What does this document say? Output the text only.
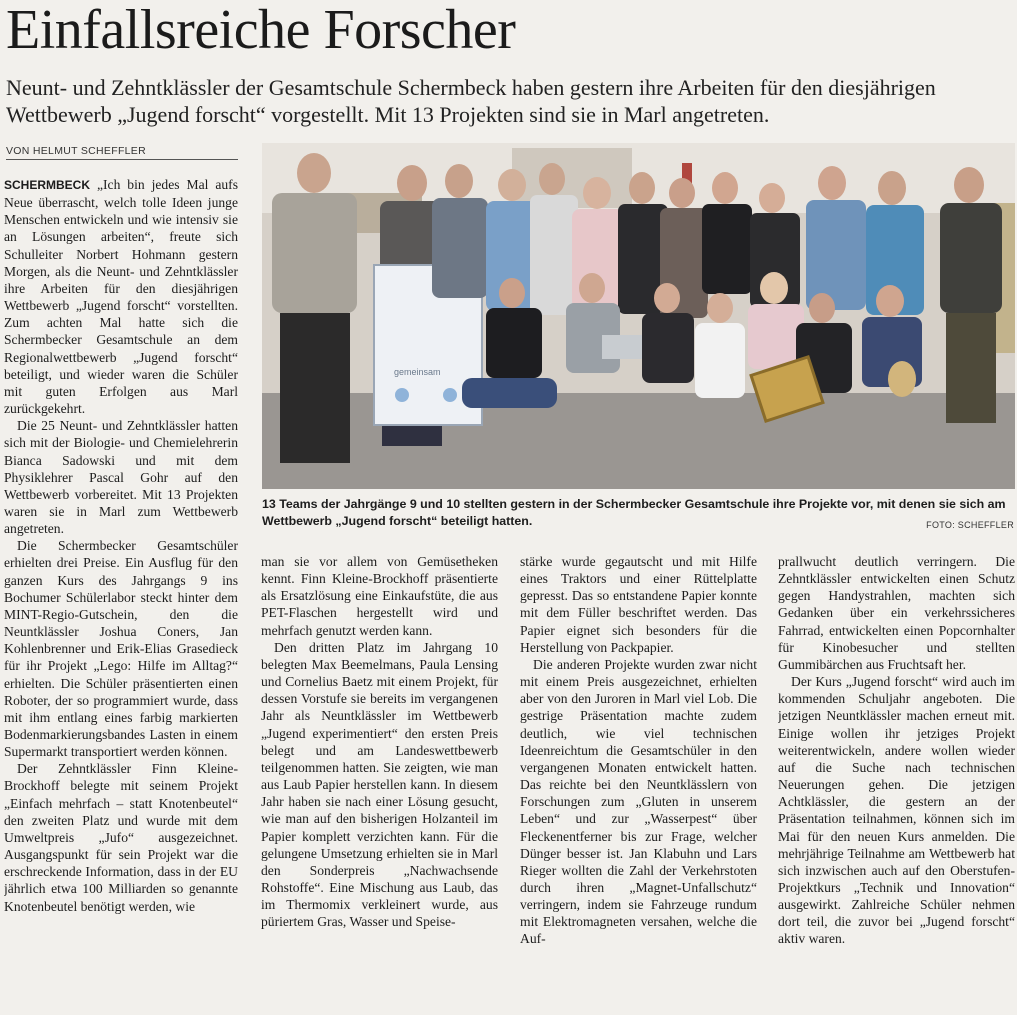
Einfallsreiche Forscher
Neunt- und Zehntklässler der Gesamtschule Schermbeck haben gestern ihre Arbeiten für den diesjährigen Wettbewerb „Jugend forscht“ vorgestellt. Mit 13 Projekten sind sie in Marl angetreten.
VON HELMUT SCHEFFLER

SCHERMBECK „Ich bin jedes Mal aufs Neue überrascht, welch tolle Ideen junge Menschen entwickeln und wie intensiv sie an Lösungen arbeiten“, freute sich Schulleiter Norbert Hohmann gestern Morgen, als die Neunt- und Zehntklässler ihre Arbeiten für den diesjährigen Wettbewerb „Jugend forscht“ vorstellten. Zum achten Mal hatte sich die Schermbecker Gesamtschule an dem Regionalwettbewerb „Jugend forscht“ beteiligt, und wieder waren die Schüler mit guten Erfolgen aus Marl zurückgekehrt.

Die 25 Neunt- und Zehntklässler hatten sich mit der Biologie- und Chemielehrerin Bianca Sadowski und mit dem Physiklehrer Pascal Gohr auf den Wettbewerb vorbereitet. Mit 13 Projekten waren sie in Marl zum Wettbewerb angetreten.

Die Schermbecker Gesamtschüler erhielten drei Preise. Ein Ausflug für den ganzen Kurs des Jahrgangs 9 ins Bochumer Schülerlabor steckt hinter dem MINT-Regio-Gutschein, den die Neuntklässler Joshua Coners, Jan Kohlenbrenner und Erik-Elias Grasedieck für ihr Projekt „Lego: Hilfe im Alltag?“ erhielten. Die Schüler präsentierten einen Roboter, der so programmiert wurde, dass mit ihm entlang eines farbig markierten Bodenmarkierungsbandes Lasten in einem Supermarkt transportiert werden können.

Der Zehntklässler Finn Kleine-Brockhoff belegte mit seinem Projekt „Einfach mehrfach – statt Knotenbeutel“ den zweiten Platz und wurde mit dem Umweltpreis „Jufo“ ausgezeichnet. Ausgangspunkt für sein Projekt war die erschreckende Information, dass in der EU jährlich etwa 100 Milliarden so genannte Knotenbeutel benötigt werden, wie

gemeinsam
13 Teams der Jahrgänge 9 und 10 stellten gestern in der Schermbecker Gesamtschule ihre Projekte vor, mit denen sie sich am Wettbewerb „Jugend forscht“ beteiligt hatten.	FOTO: SCHEFFLER

man sie vor allem von Gemüsetheken kennt. Finn Kleine-Brockhoff präsentierte als Ersatzlösung eine Einkaufstüte, die aus PET-Flaschen hergestellt wird und mehrfach genutzt werden kann.

Den dritten Platz im Jahrgang 10 belegten Max Beemelmans, Paula Lensing und Cornelius Baetz mit einem Projekt, für dessen Vorstufe sie bereits im vergangenen Jahr als Neuntklässler im Wettbewerb „Jugend experimentiert“ den ersten Preis belegt und am Landeswettbewerb teilgenommen hatten. Sie zeigten, wie man aus Laub Papier herstellen kann. In diesem Jahr haben sie nach einer Lösung gesucht, wie man auf den bisherigen Holzanteil im Papier komplett verzichten kann. Für die gelungene Umsetzung erhielten sie in Marl den Sonderpreis „Nachwachsende Rohstoffe“. Eine Mischung aus Laub, das im Thermomix verkleinert wurde, aus püriertem Gras, Wasser und Speise-

stärke wurde gegautscht und mit Hilfe eines Traktors und einer Rüttelplatte gepresst. Das so entstandene Papier konnte mit dem Füller beschriftet werden. Das Papier eignet sich besonders für die Herstellung von Packpapier.

Die anderen Projekte wurden zwar nicht mit einem Preis ausgezeichnet, erhielten aber von den Juroren in Marl viel Lob. Die gestrige Präsentation machte zudem deutlich, wie viel technischen Ideenreichtum die Gesamtschüler in den vergangenen Monaten entwickelt hatten. Das reichte bei den Neuntklässlern von Forschungen zum „Gluten in unserem Leben“ und zur „Wasserpest“ über Fleckenentferner bis zur Frage, welcher Dünger besser ist. Jan Klabuhn und Lars Rieger wollten die Zahl der Verkehrstoten durch ihren „Magnet-Unfallschutz“ verringern, indem sie Fahrzeuge rundum mit Elektromagneten versahen, welche die Auf-

prallwucht deutlich verringern. Die Zehntklässler entwickelten einen Schutz gegen Handystrahlen, machten sich Gedanken über ein verkehrssicheres Fahrrad, entwickelten einen Popcornhalter für Kinobesucher und stellten Gummibärchen aus Fruchtsaft her.

Der Kurs „Jugend forscht“ wird auch im kommenden Schuljahr angeboten. Die jetzigen Neuntklässler machen erneut mit. Einige wollen ihr jetziges Projekt weiterentwickeln, andere wollen wieder auf die Suche nach technischen Neuerungen gehen. Die jetzigen Achtklässler, die gestern an der Präsentation teilnahmen, können sich im Mai für den neuen Kurs anmelden. Die mehrjährige Teilnahme am Wettbewerb hat sich inzwischen auch auf den Oberstufen-Projektkurs „Technik und Innovation“ ausgewirkt. Zahlreiche Schüler nehmen dort teil, die zuvor bei „Jugend forscht“ aktiv waren.
